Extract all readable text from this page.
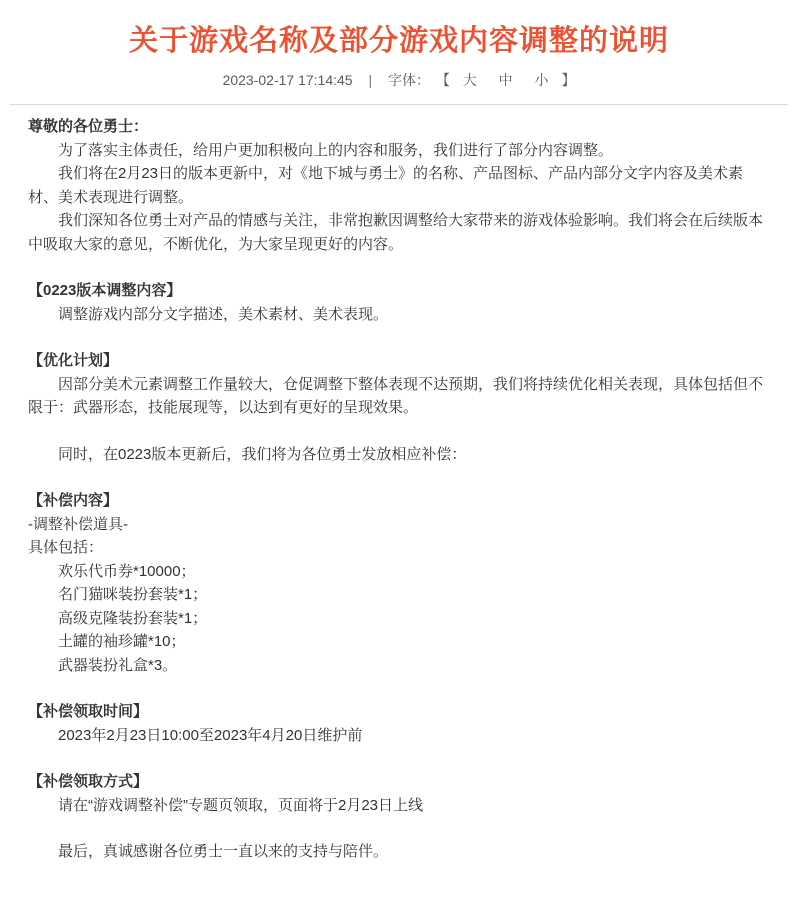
关于游戏名称及部分游戏内容调整的说明
2023-02-17 17:14:45 | 字体： 【 大 中 小 】

尊敬的各位勇士：

为了落实主体责任，给用户更加积极向上的内容和服务，我们进行了部分内容调整。

我们将在2月23日的版本更新中，对《地下城与勇士》的名称、产品图标、产品内部分文字内容及美术素材、美术表现进行调整。

我们深知各位勇士对产品的情感与关注，非常抱歉因调整给大家带来的游戏体验影响。我们将会在后续版本中吸取大家的意见，不断优化，为大家呈现更好的内容。

【0223版本调整内容】

调整游戏内部分文字描述，美术素材、美术表现。

【优化计划】

因部分美术元素调整工作量较大，仓促调整下整体表现不达预期，我们将持续优化相关表现，具体包括但不限于：武器形态，技能展现等，以达到有更好的呈现效果。

同时，在0223版本更新后，我们将为各位勇士发放相应补偿：

【补偿内容】

-调整补偿道具-

具体包括：

欢乐代币券*10000；

名门猫咪装扮套装*1；

高级克隆装扮套装*1；

土罐的袖珍罐*10；

武器装扮礼盒*3。

【补偿领取时间】

2023年2月23日10:00至2023年4月20日维护前

【补偿领取方式】

请在“游戏调整补偿”专题页领取，页面将于2月23日上线

最后，真诚感谢各位勇士一直以来的支持与陪伴。
